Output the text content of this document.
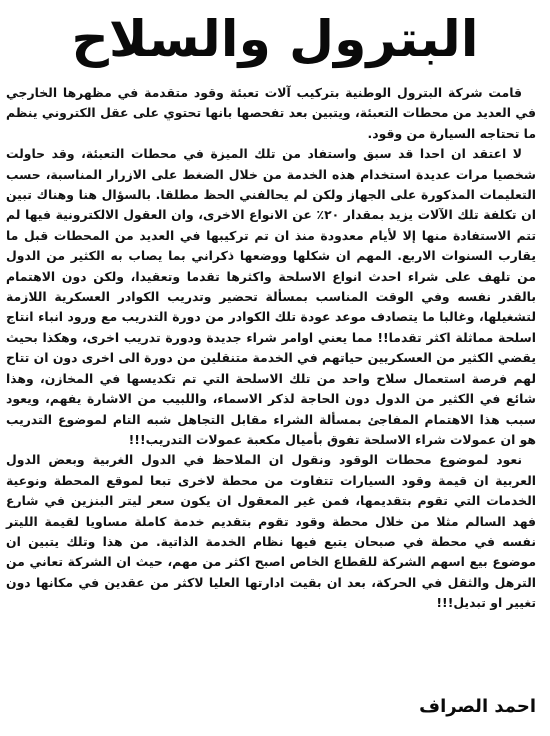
البترول والسلاح

قامت شركة البترول الوطنية بتركيب آلات تعبئة وقود متقدمة في مظهرها الخارجي في العديد من محطات التعبئة، ويتبين بعد تفحصها بانها تحتوي على عقل الكتروني ينظم ما تحتاجه السيارة من وقود.

لا اعتقد ان احدا قد سبق واستفاد من تلك الميزة في محطات التعبئة، وقد حاولت شخصيا مرات عديدة استخدام هذه الخدمة من خلال الضغط على الازرار المناسبة، حسب التعليمات المذكورة على الجهاز ولكن لم يحالفني الحظ مطلقا. بالسؤال هنا وهناك تبين ان تكلفة تلك الآلات يزيد بمقدار ٢٠٪ عن الانواع الاخرى، وان العقول الالكترونية فيها لم تتم الاستفادة منها إلا لأيام معدودة منذ ان تم تركيبها في العديد من المحطات قبل ما يقارب السنوات الاربع. المهم ان شكلها ووضعها ذكراني بما يصاب به الكثير من الدول من تلهف على شراء احدث انواع الاسلحة واكثرها تقدما وتعقيدا، ولكن دون الاهتمام بالقدر نفسه وفي الوقت المناسب بمسألة تحضير وتدريب الكوادر العسكرية اللازمة لتشغيلها، وغالبا ما يتصادف موعد عودة تلك الكوادر من دورة التدريب مع ورود انباء انتاج اسلحة مماثلة اكثر تقدما!! مما يعني اوامر شراء جديدة ودورة تدريب اخرى، وهكذا بحيث يقضي الكثير من العسكريين حياتهم في الخدمة متنقلين من دورة الى اخرى دون ان تتاح لهم فرصة استعمال سلاح واحد من تلك الاسلحة التي تم تكديسها في المخازن، وهذا شائع في الكثير من الدول دون الحاجة لذكر الاسماء، واللبيب من الاشارة يفهم، ويعود سبب هذا الاهتمام المفاجئ بمسألة الشراء مقابل التجاهل شبه التام لموضوع التدريب هو ان عمولات شراء الاسلحة تفوق بأميال مكعبة عمولات التدريب!!!

نعود لموضوع محطات الوقود ونقول ان الملاحظ في الدول الغربية وبعض الدول العربية ان قيمة وقود السيارات تتفاوت من محطة لاخرى تبعا لموقع المحطة ونوعية الخدمات التي تقوم بتقديمها، فمن غير المعقول ان يكون سعر ليتر البنزين في شارع فهد السالم مثلا من خلال محطة وقود تقوم بتقديم خدمة كاملة مساويا لقيمة الليتر نفسه في محطة في صبحان يتبع فيها نظام الخدمة الذاتية. من هذا وتلك يتبين ان موضوع بيع اسهم الشركة للقطاع الخاص اصبح اكثر من مهم، حيث ان الشركة تعاني من الترهل والثقل في الحركة، بعد ان بقيت ادارتها العليا لاكثر من عقدين في مكانها دون تغيير او تبديل!!!

احمد الصراف
